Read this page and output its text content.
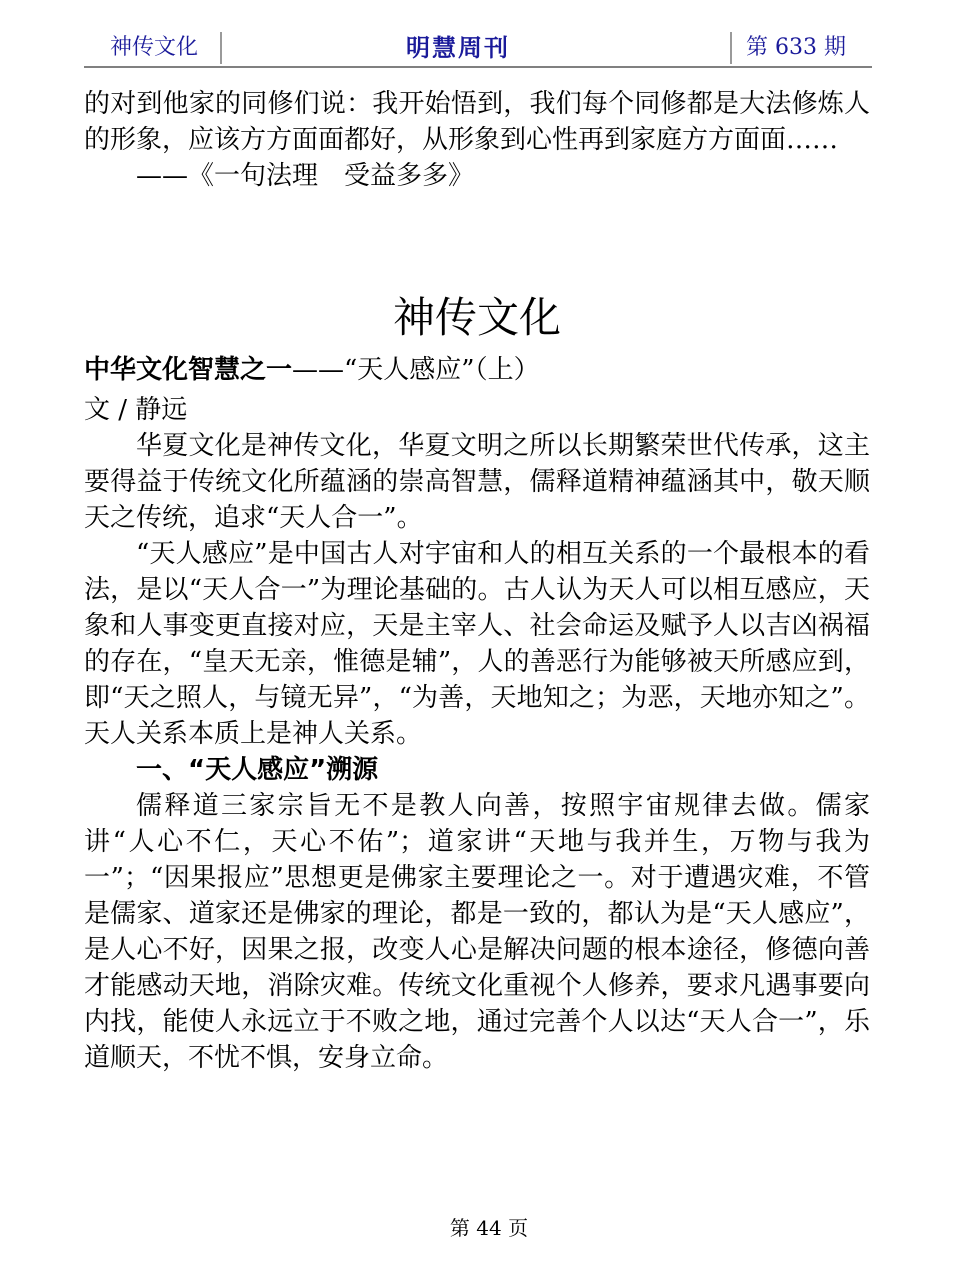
神传文化	明慧周刊	第 633 期

的对到他家的同修们说：我开始悟到，我们每个同修都是大法修炼人的形象，应该方方面面都好，从形象到心性再到家庭方方面面……

——《一句法理　受益多多》

神传文化
中华文化智慧之一——“天人感应”（上）
文 / 静远

华夏文化是神传文化，华夏文明之所以长期繁荣世代传承，这主要得益于传统文化所蕴涵的崇高智慧，儒释道精神蕴涵其中，敬天顺天之传统，追求“天人合一”。

“天人感应”是中国古人对宇宙和人的相互关系的一个最根本的看法，是以“天人合一”为理论基础的。古人认为天人可以相互感应，天象和人事变更直接对应，天是主宰人、社会命运及赋予人以吉凶祸福的存在，“皇天无亲，惟德是辅”，人的善恶行为能够被天所感应到，即“天之照人，与镜无异”，“为善，天地知之；为恶，天地亦知之”。天人关系本质上是神人关系。

一、“天人感应”溯源

儒释道三家宗旨无不是教人向善，按照宇宙规律去做。儒家讲“人心不仁，天心不佑”；道家讲“天地与我并生，万物与我为一”；“因果报应”思想更是佛家主要理论之一。对于遭遇灾难，不管是儒家、道家还是佛家的理论，都是一致的，都认为是“天人感应”，是人心不好，因果之报，改变人心是解决问题的根本途径，修德向善才能感动天地，消除灾难。传统文化重视个人修养，要求凡遇事要向内找，能使人永远立于不败之地，通过完善个人以达“天人合一”，乐道顺天，不忧不惧，安身立命。

第 44 页
